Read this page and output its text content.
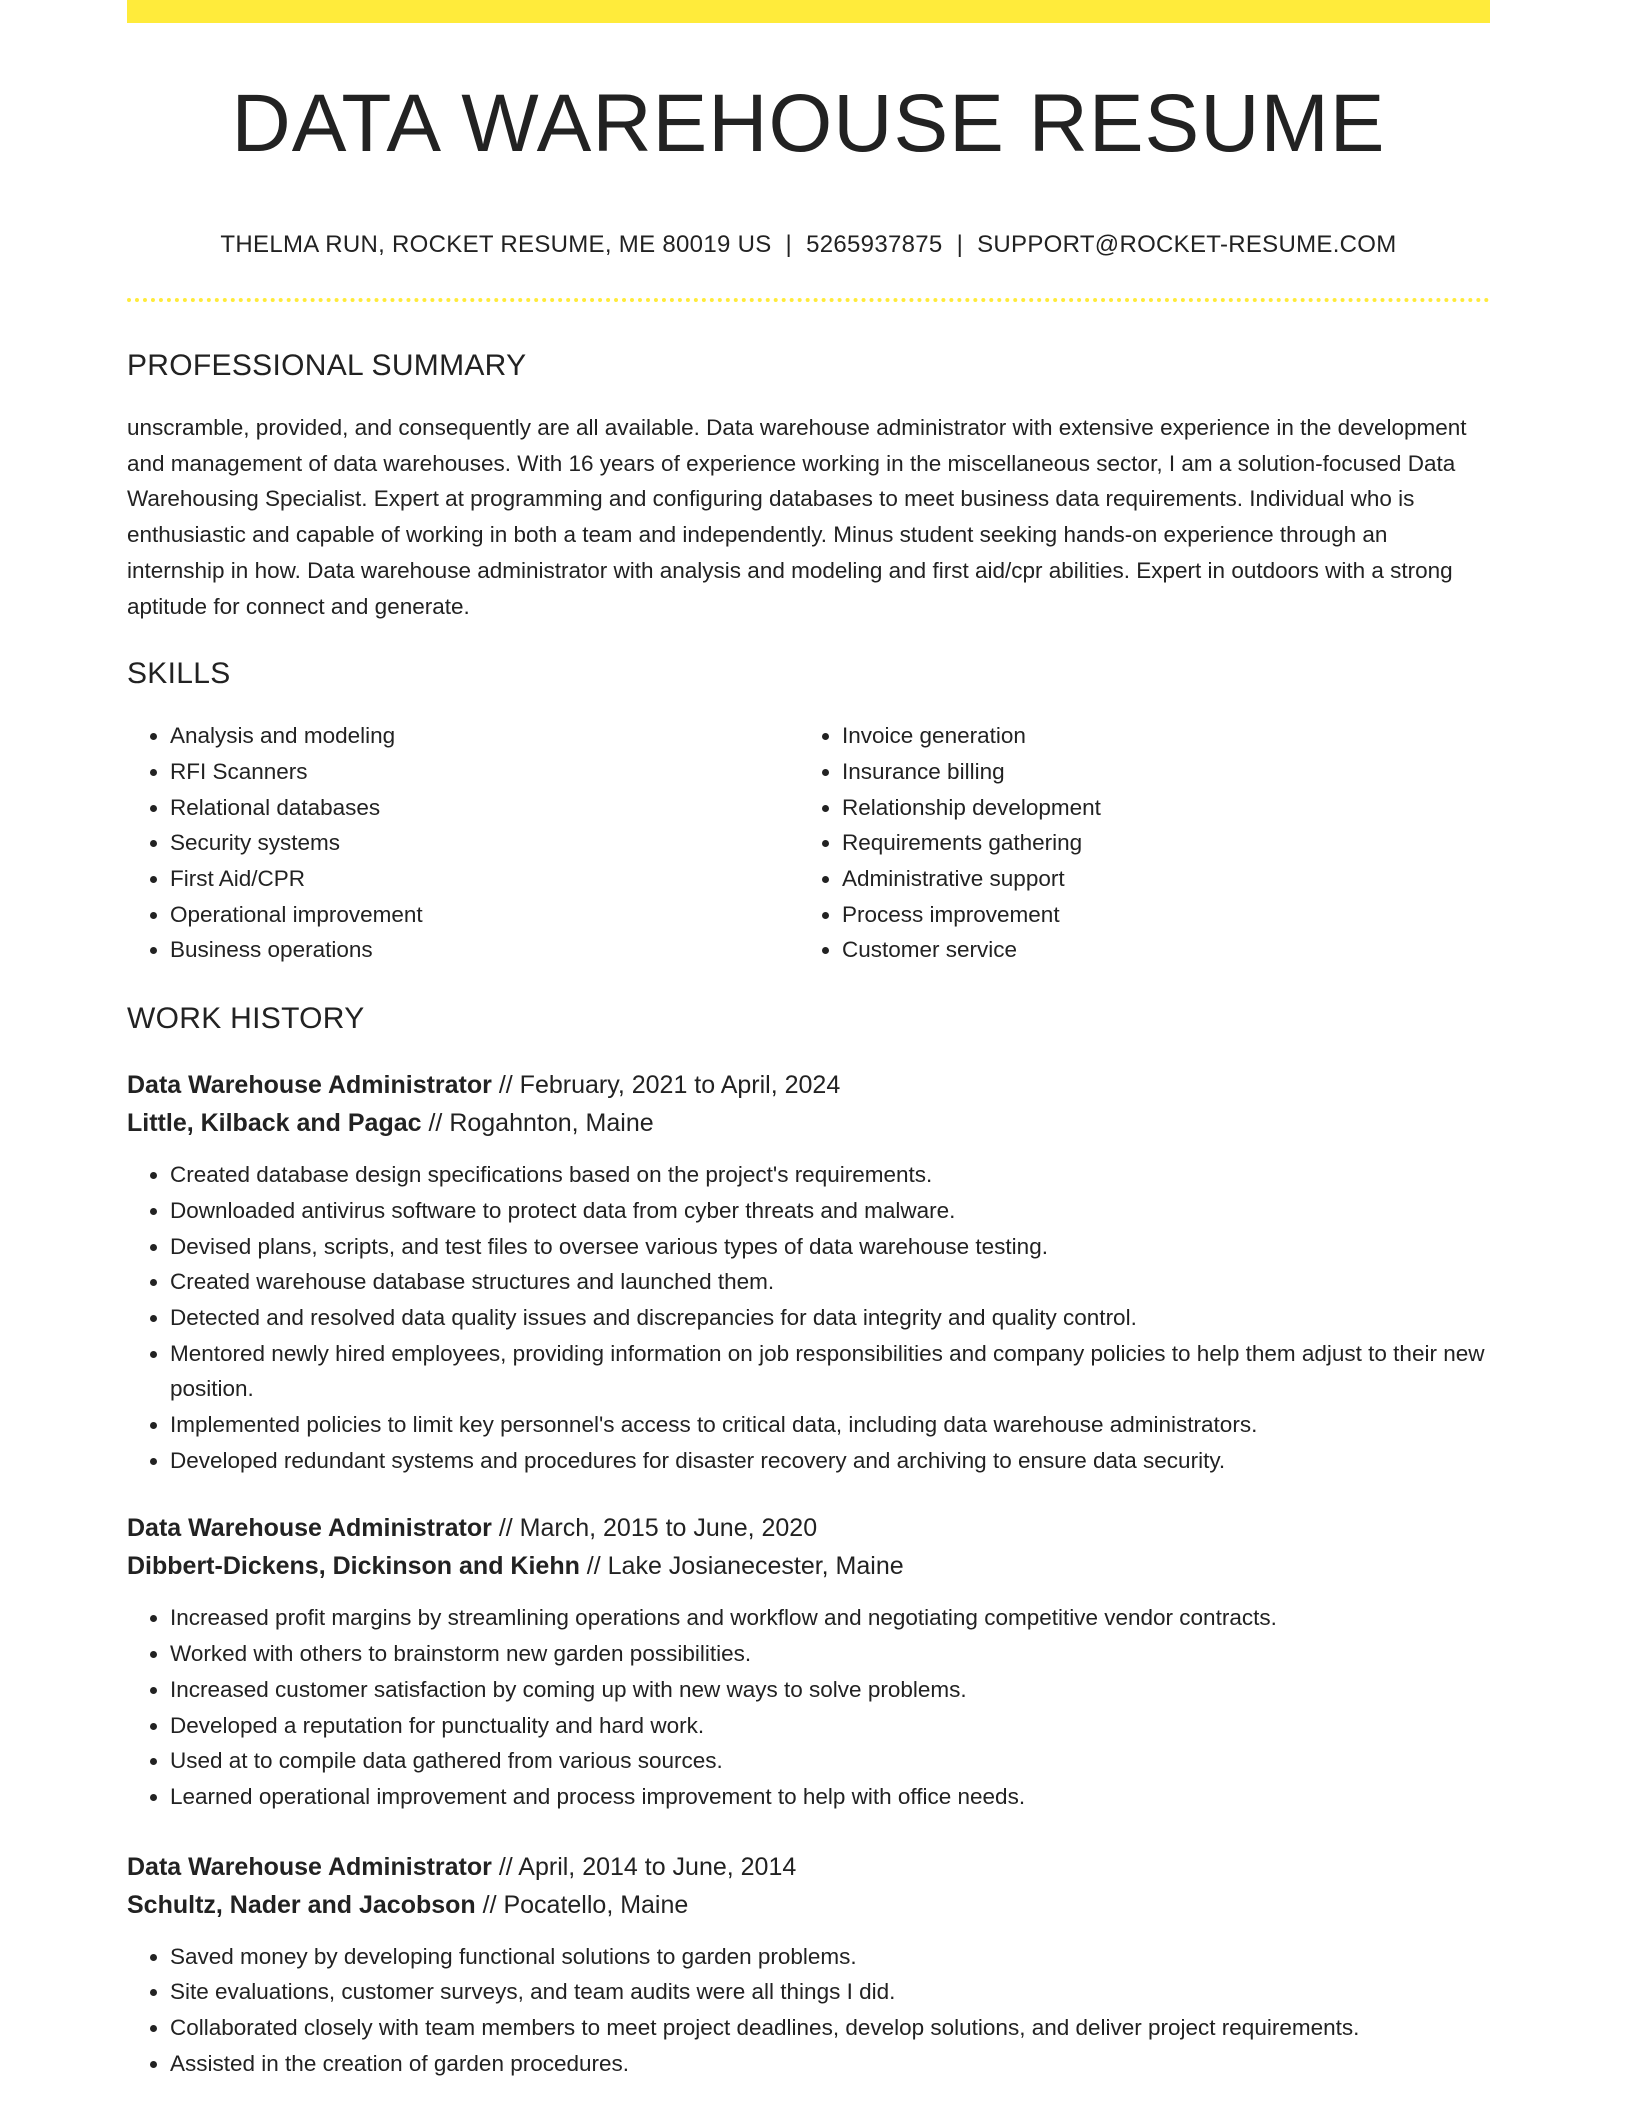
DATA WAREHOUSE RESUME
THELMA RUN, ROCKET RESUME, ME 80019 US | 5265937875 | SUPPORT@ROCKET-RESUME.COM
PROFESSIONAL SUMMARY

unscramble, provided, and consequently are all available. Data warehouse administrator with extensive experience in the development and management of data warehouses. With 16 years of experience working in the miscellaneous sector, I am a solution-focused Data Warehousing Specialist. Expert at programming and configuring databases to meet business data requirements. Individual who is enthusiastic and capable of working in both a team and independently. Minus student seeking hands-on experience through an internship in how. Data warehouse administrator with analysis and modeling and first aid/cpr abilities. Expert in outdoors with a strong aptitude for connect and generate.

SKILLS
• Analysis and modeling
• RFI Scanners
• Relational databases
• Security systems
• First Aid/CPR
• Operational improvement
• Business operations
• Invoice generation
• Insurance billing
• Relationship development
• Requirements gathering
• Administrative support
• Process improvement
• Customer service
WORK HISTORY
Data Warehouse Administrator // February, 2021 to April, 2024
Little, Kilback and Pagac // Rogahnton, Maine
• Created database design specifications based on the project's requirements.
• Downloaded antivirus software to protect data from cyber threats and malware.
• Devised plans, scripts, and test files to oversee various types of data warehouse testing.
• Created warehouse database structures and launched them.
• Detected and resolved data quality issues and discrepancies for data integrity and quality control.
• Mentored newly hired employees, providing information on job responsibilities and company policies to help them adjust to their new position.
• Implemented policies to limit key personnel's access to critical data, including data warehouse administrators.
• Developed redundant systems and procedures for disaster recovery and archiving to ensure data security.
Data Warehouse Administrator // March, 2015 to June, 2020
Dibbert-Dickens, Dickinson and Kiehn // Lake Josianecester, Maine
• Increased profit margins by streamlining operations and workflow and negotiating competitive vendor contracts.
• Worked with others to brainstorm new garden possibilities.
• Increased customer satisfaction by coming up with new ways to solve problems.
• Developed a reputation for punctuality and hard work.
• Used at to compile data gathered from various sources.
• Learned operational improvement and process improvement to help with office needs.
Data Warehouse Administrator // April, 2014 to June, 2014
Schultz, Nader and Jacobson // Pocatello, Maine
• Saved money by developing functional solutions to garden problems.
• Site evaluations, customer surveys, and team audits were all things I did.
• Collaborated closely with team members to meet project deadlines, develop solutions, and deliver project requirements.
• Assisted in the creation of garden procedures.
